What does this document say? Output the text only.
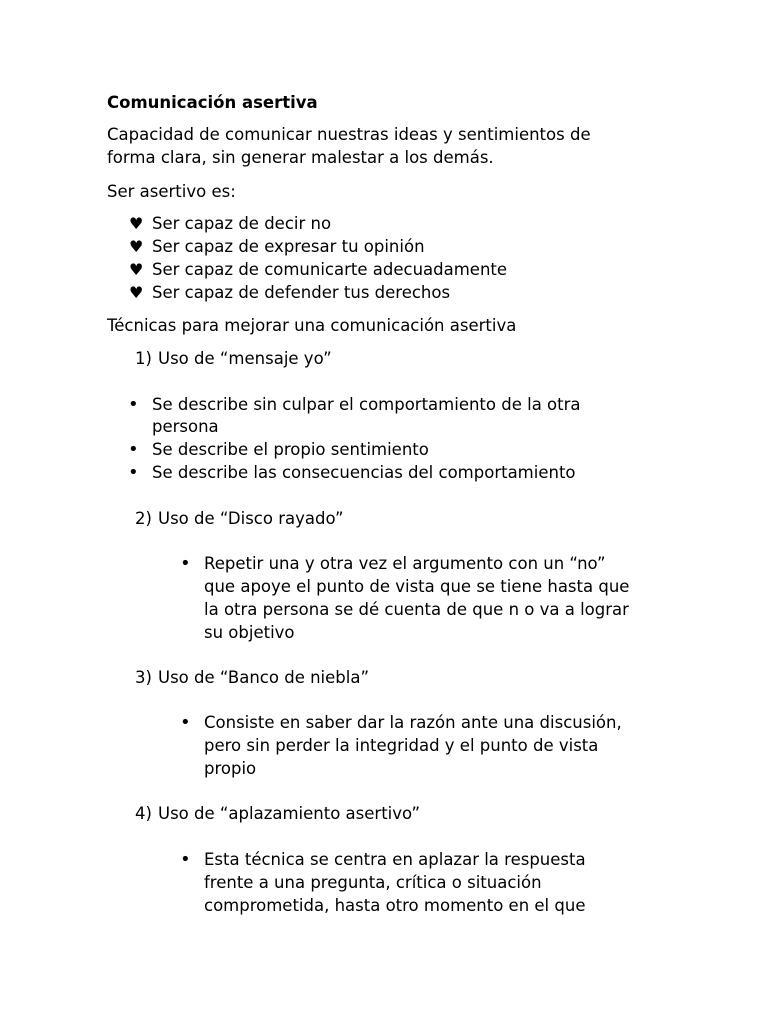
Comunicación asertiva
Capacidad de comunicar nuestras ideas y sentimientos de
forma clara, sin generar malestar a los demás.
Ser asertivo es:
♥ Ser capaz de decir no
♥ Ser capaz de expresar tu opinión
♥ Ser capaz de comunicarte adecuadamente
♥ Ser capaz de defender tus derechos
Técnicas para mejorar una comunicación asertiva
1) Uso de “mensaje yo”
• Se describe sin culpar el comportamiento de la otra
persona
• Se describe el propio sentimiento
• Se describe las consecuencias del comportamiento
2) Uso de “Disco rayado”
• Repetir una y otra vez el argumento con un “no”
que apoye el punto de vista que se tiene hasta que
la otra persona se dé cuenta de que n o va a lograr
su objetivo
3) Uso de “Banco de niebla”
• Consiste en saber dar la razón ante una discusión,
pero sin perder la integridad y el punto de vista
propio
4) Uso de “aplazamiento asertivo”
• Esta técnica se centra en aplazar la respuesta
frente a una pregunta, crítica o situación
comprometida, hasta otro momento en el que
